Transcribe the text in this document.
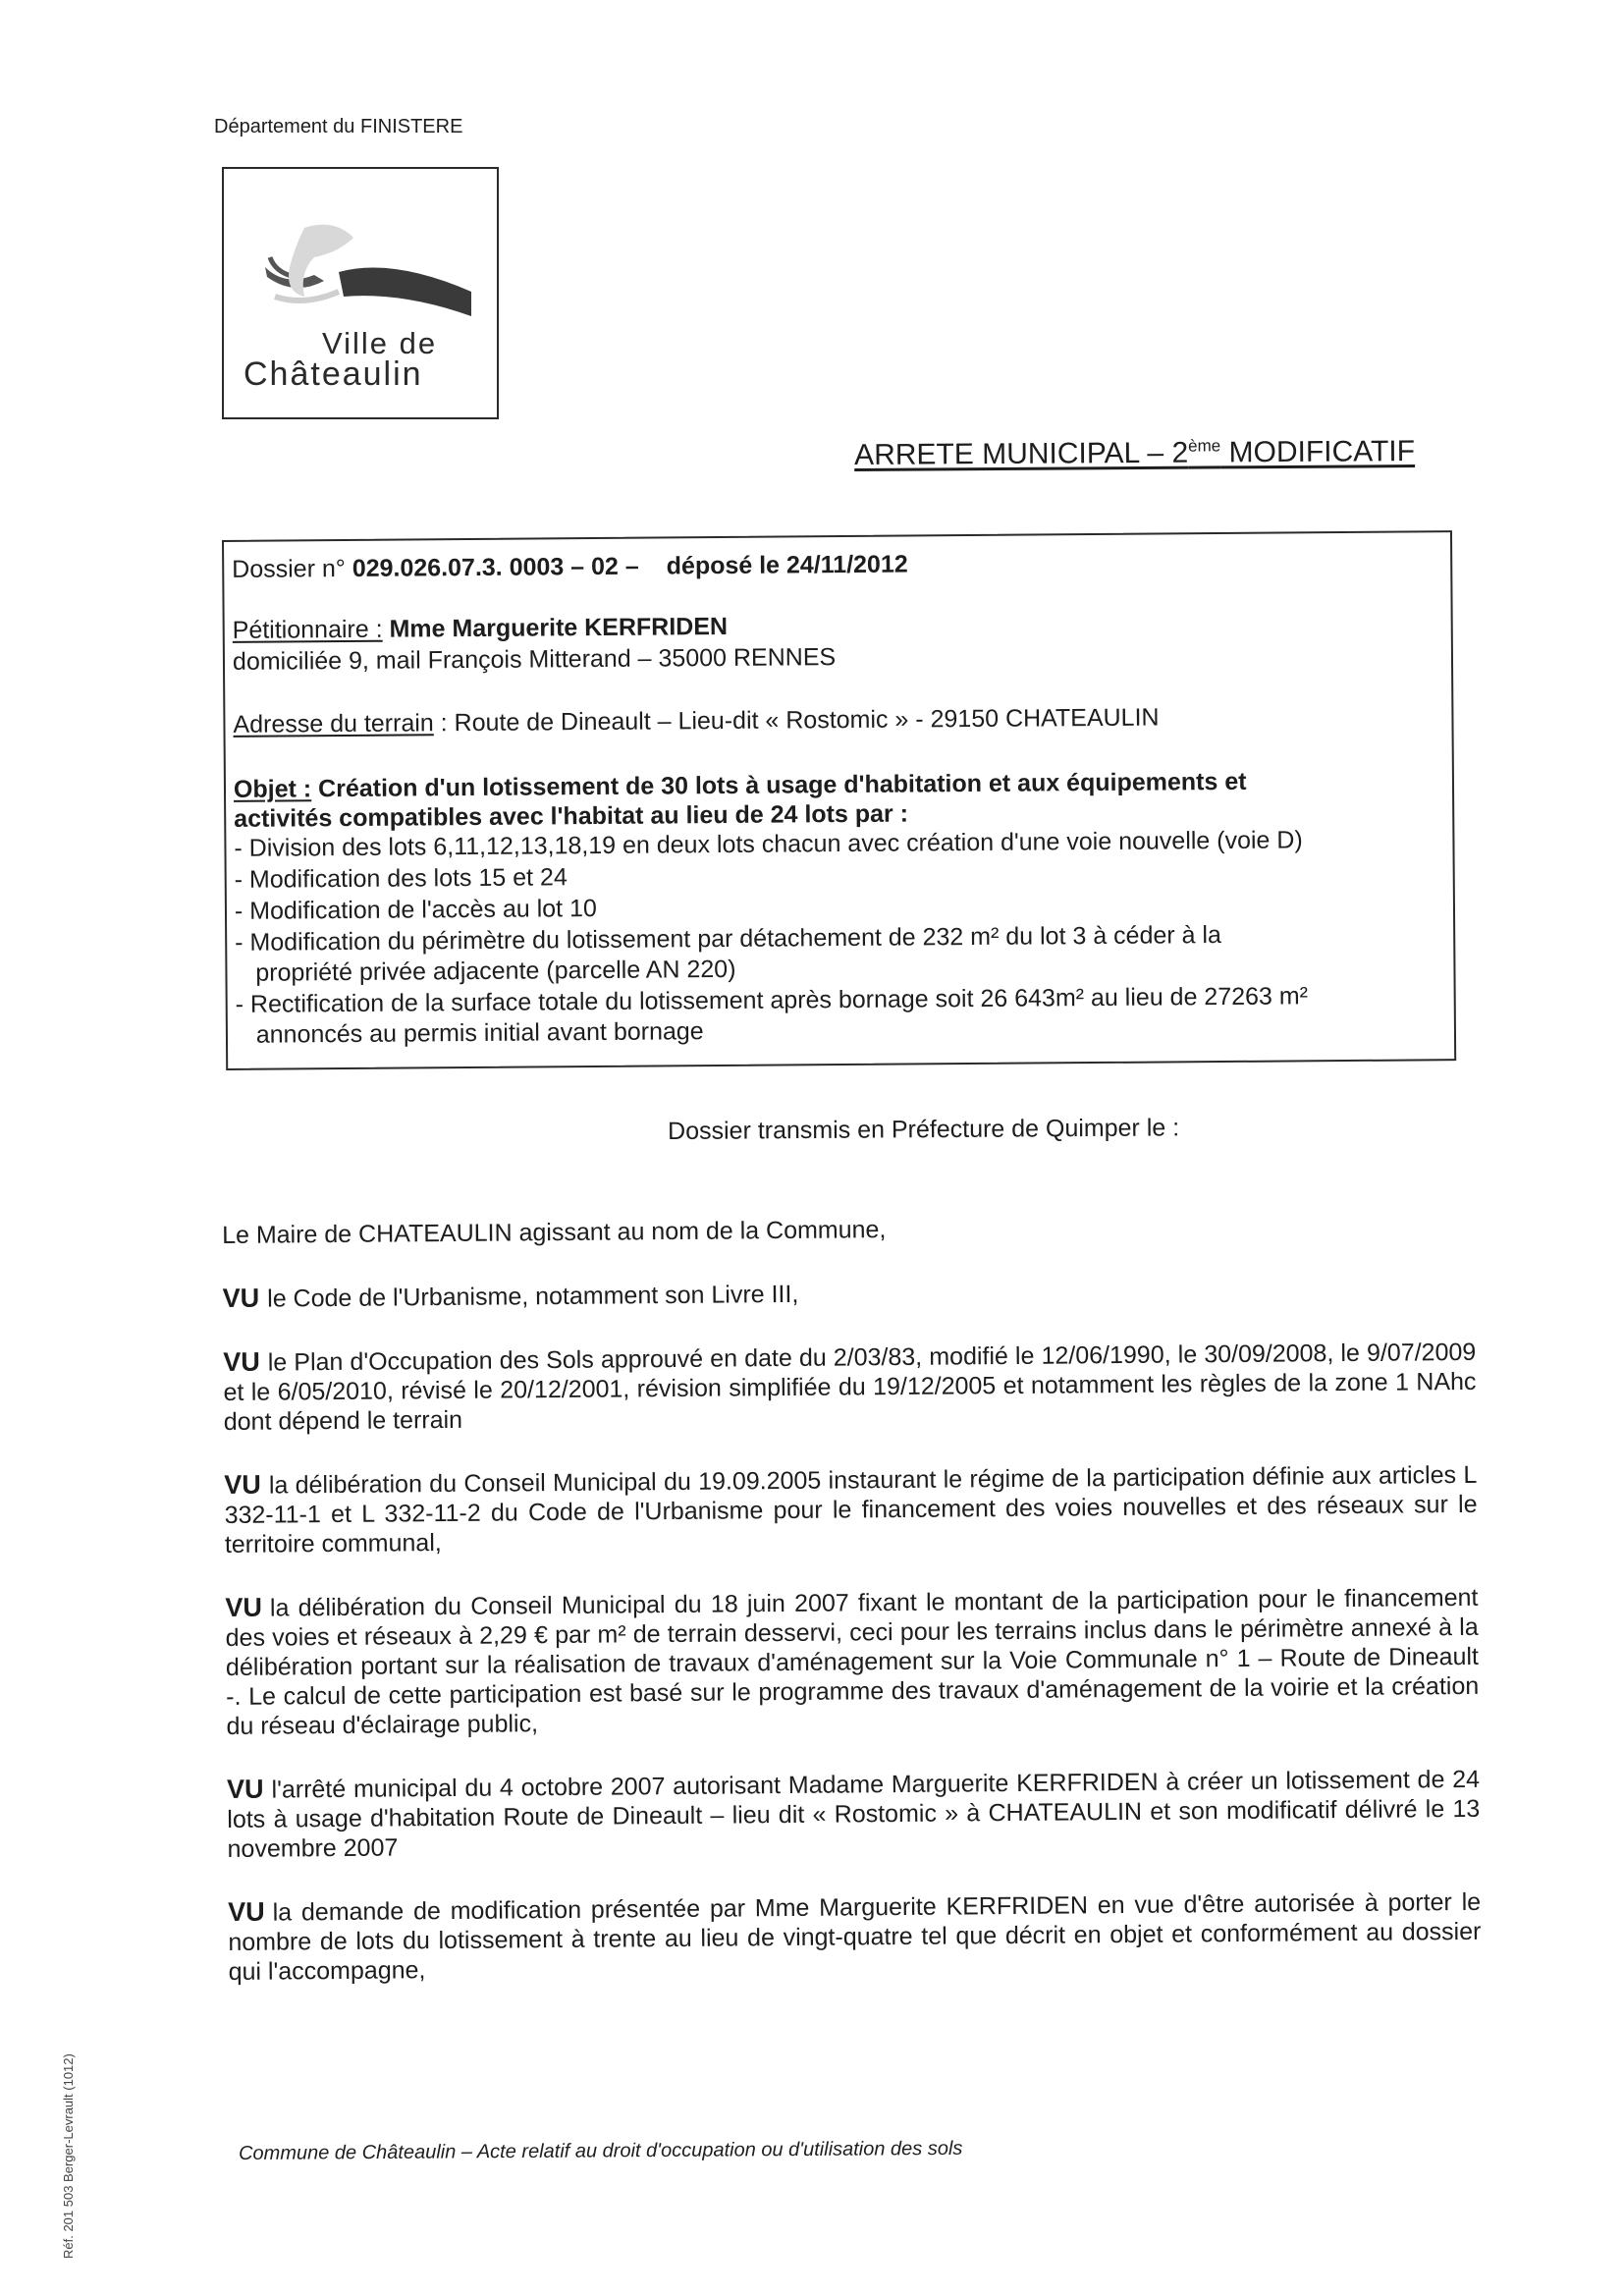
Département du FINISTERE
Ville de
Châteaulin
ARRETE MUNICIPAL – 2ème MODIFICATIF
Dossier n° 029.026.07.3. 0003 – 02 – déposé le 24/11/2012
Pétitionnaire : Mme Marguerite KERFRIDEN
domiciliée 9, mail François Mitterand – 35000 RENNES
Adresse du terrain : Route de Dineault – Lieu-dit « Rostomic » - 29150 CHATEAULIN
Objet : Création d'un lotissement de 30 lots à usage d'habitation et aux équipements et
activités compatibles avec l'habitat au lieu de 24 lots par :
- Division des lots 6,11,12,13,18,19 en deux lots chacun avec création d'une voie nouvelle (voie D)
- Modification des lots 15 et 24
- Modification de l'accès au lot 10
- Modification du périmètre du lotissement par détachement de 232 m² du lot 3 à céder à la
propriété privée adjacente (parcelle AN 220)
- Rectification de la surface totale du lotissement après bornage soit 26 643m² au lieu de 27263 m²
annoncés au permis initial avant bornage
Dossier transmis en Préfecture de Quimper le :

Le Maire de CHATEAULIN agissant au nom de la Commune,

VU le Code de l'Urbanisme, notamment son Livre III,

VU le Plan d'Occupation des Sols approuvé en date du 2/03/83, modifié le 12/06/1990, le 30/09/2008, le 9/07/2009 et le 6/05/2010, révisé le 20/12/2001, révision simplifiée du 19/12/2005 et notamment les règles de la zone 1 NAhc dont dépend le terrain

VU la délibération du Conseil Municipal du 19.09.2005 instaurant le régime de la participation définie aux articles L 332-11-1 et L 332-11-2 du Code de l'Urbanisme pour le financement des voies nouvelles et des réseaux sur le territoire communal,

VU la délibération du Conseil Municipal du 18 juin 2007 fixant le montant de la participation pour le financement des voies et réseaux à 2,29 € par m² de terrain desservi, ceci pour les terrains inclus dans le périmètre annexé à la délibération portant sur la réalisation de travaux d'aménagement sur la Voie Communale n° 1 – Route de Dineault -. Le calcul de cette participation est basé sur le programme des travaux d'aménagement de la voirie et la création du réseau d'éclairage public,

VU l'arrêté municipal du 4 octobre 2007 autorisant Madame Marguerite KERFRIDEN à créer un lotissement de 24 lots à usage d'habitation Route de Dineault – lieu dit « Rostomic » à CHATEAULIN et son modificatif délivré le 13 novembre 2007

VU la demande de modification présentée par Mme Marguerite KERFRIDEN en vue d'être autorisée à porter le nombre de lots du lotissement à trente au lieu de vingt-quatre tel que décrit en objet et conformément au dossier qui l'accompagne,

Commune de Châteaulin – Acte relatif au droit d'occupation ou d'utilisation des sols
Réf. 201 503 Berger-Levrault (1012)
